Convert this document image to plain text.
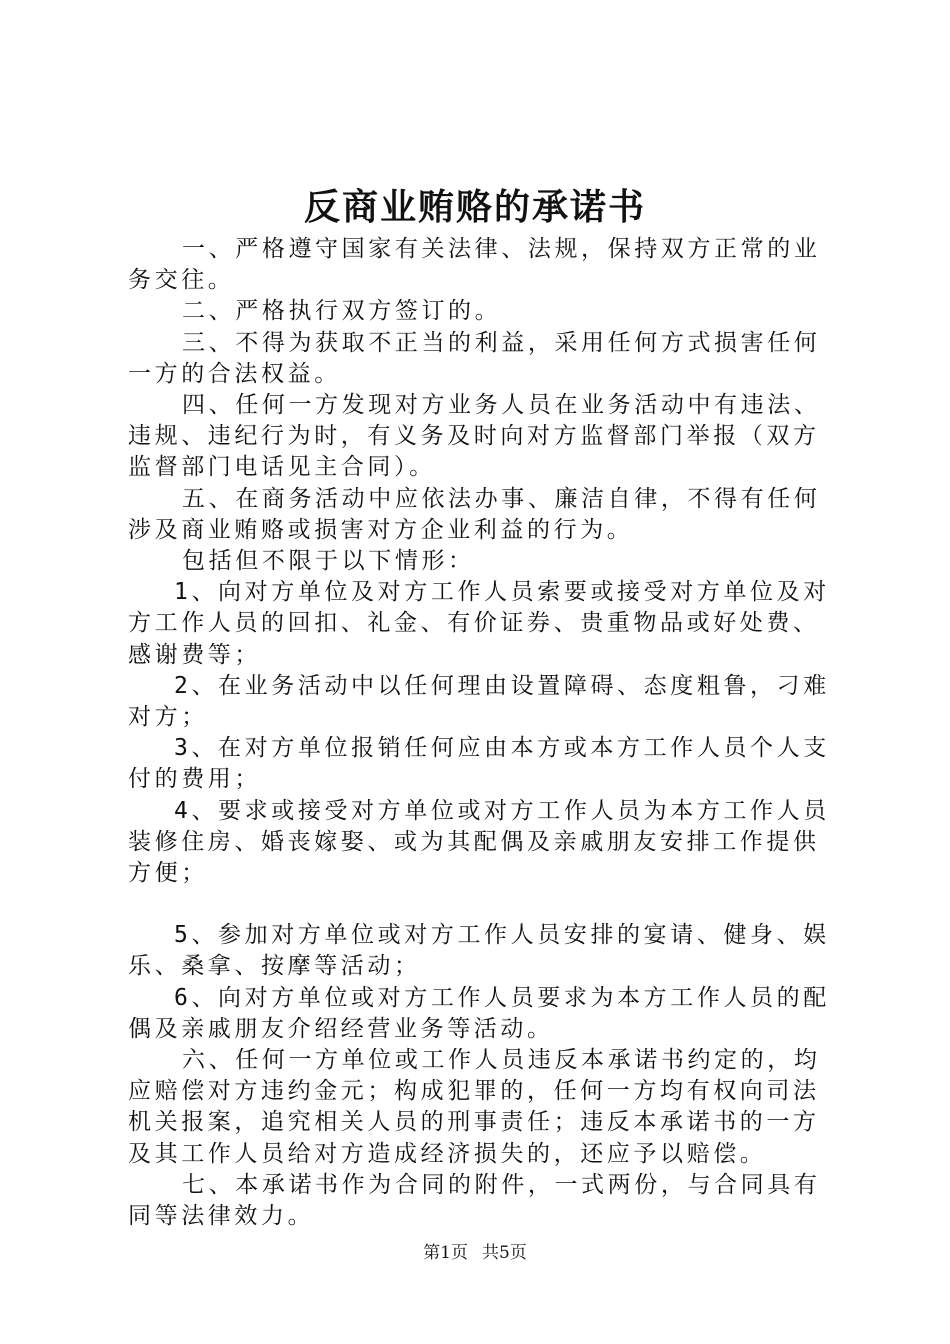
反商业贿赂的承诺书

一、严格遵守国家有关法律、法规，保持双方正常的业务交往。

二、严格执行双方签订的。

三、不得为获取不正当的利益，采用任何方式损害任何一方的合法权益。

四、任何一方发现对方业务人员在业务活动中有违法、违规、违纪行为时，有义务及时向对方监督部门举报（双方监督部门电话见主合同）。

五、在商务活动中应依法办事、廉洁自律，不得有任何涉及商业贿赂或损害对方企业利益的行为。

包括但不限于以下情形：

1、向对方单位及对方工作人员索要或接受对方单位及对方工作人员的回扣、礼金、有价证券、贵重物品或好处费、感谢费等；

2、在业务活动中以任何理由设置障碍、态度粗鲁，刁难对方；

3、在对方单位报销任何应由本方或本方工作人员个人支付的费用；

4、要求或接受对方单位或对方工作人员为本方工作人员装修住房、婚丧嫁娶、或为其配偶及亲戚朋友安排工作提供方便；

5、参加对方单位或对方工作人员安排的宴请、健身、娱乐、桑拿、按摩等活动；

6、向对方单位或对方工作人员要求为本方工作人员的配偶及亲戚朋友介绍经营业务等活动。

六、任何一方单位或工作人员违反本承诺书约定的，均应赔偿对方违约金元；构成犯罪的，任何一方均有权向司法机关报案，追究相关人员的刑事责任；违反本承诺书的一方及其工作人员给对方造成经济损失的，还应予以赔偿。

七、本承诺书作为合同的附件，一式两份，与合同具有同等法律效力。

第1页 共5页
